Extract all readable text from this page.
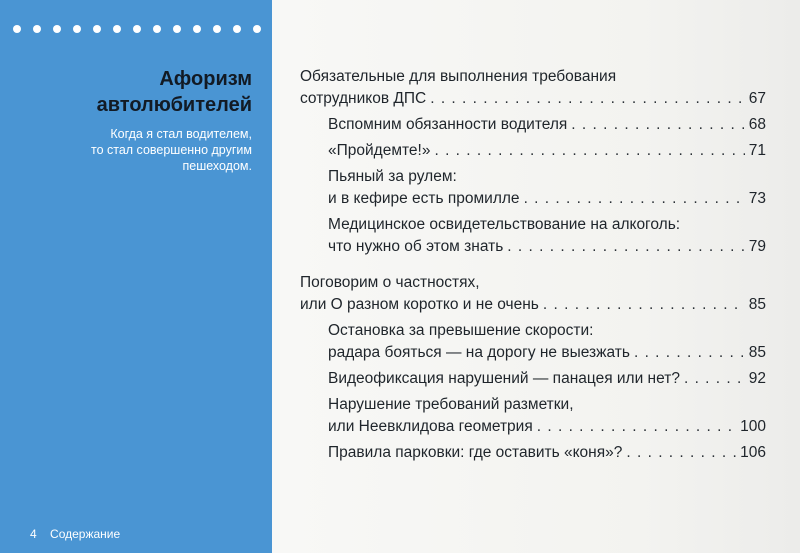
Афоризм
автолюбителей

Когда я стал водителем,
то стал совершенно другим
пешеходом.

4 Содержание
Обязательные для выполнения требования
сотрудников ДПС . . .	67
Вспомним обязанности водителя . . .	68
«Пройдемте!» . . .	71
Пьяный за рулем:
и в кефире есть промилле . . .	73
Медицинское освидетельствование на алкоголь:
что нужно об этом знать . . .	79
Поговорим о частностях,
или О разном коротко и не очень . . .	85
Остановка за превышение скорости:
радара бояться — на дорогу не выезжать . . .	85
Видеофиксация нарушений — панацея или нет? . . .	92
Нарушение требований разметки,
или Неевклидова геометрия . . .	100
Правила парковки: где оставить «коня»? . . .	106
